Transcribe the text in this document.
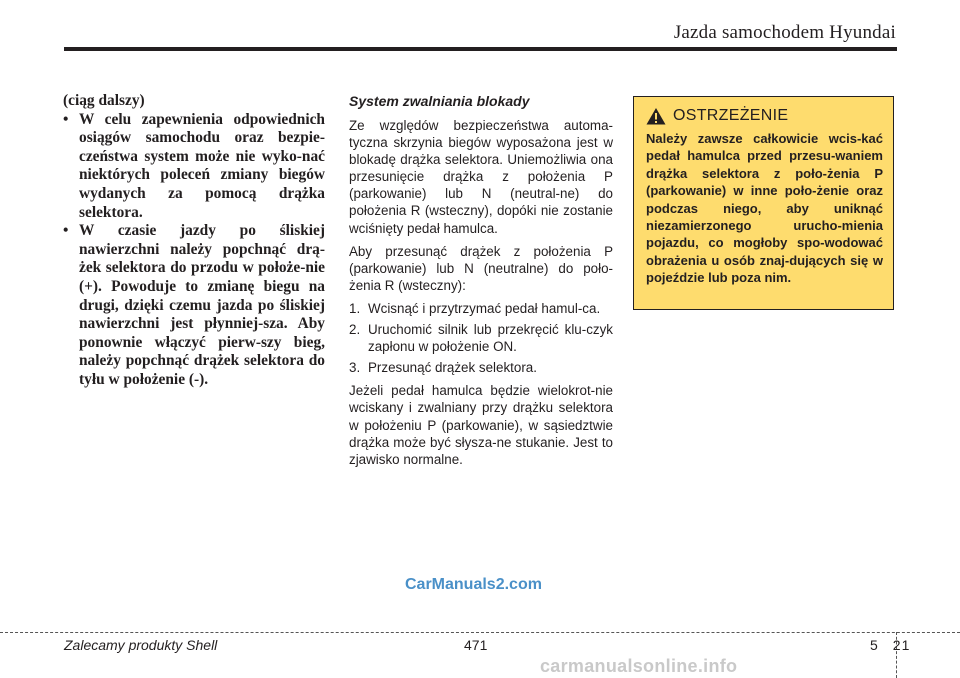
Jazda samochodem Hyundai

(ciąg dalszy)

• W celu zapewnienia odpowiednich osiągów samochodu oraz bezpie-czeństwa system może nie wyko-nać niektórych poleceń zmiany biegów wydanych za pomocą drążka selektora.
• W czasie jazdy po śliskiej nawierzchni należy popchnąć drą-żek selektora do przodu w położe-nie (+). Powoduje to zmianę biegu na drugi, dzięki czemu jazda po śliskiej nawierzchni jest płynniej-sza. Aby ponownie włączyć pierw-szy bieg, należy popchnąć drążek selektora do tyłu w położenie (-).
System zwalniania blokady

Ze względów bezpieczeństwa automa-tyczna skrzynia biegów wyposażona jest w blokadę drążka selektora. Uniemożliwia ona przesunięcie drążka z położenia P (parkowanie) lub N (neutral-ne) do położenia R (wsteczny), dopóki nie zostanie wciśnięty pedał hamulca.

Aby przesunąć drążek z położenia P (parkowanie) lub N (neutralne) do poło-żenia R (wsteczny):

1. Wcisnąć i przytrzymać pedał hamul-ca.
2. Uruchomić silnik lub przekręcić klu-czyk zapłonu w położenie ON.
3. Przesunąć drążek selektora.

Jeżeli pedał hamulca będzie wielokrot-nie wciskany i zwalniany przy drążku selektora w położeniu P (parkowanie), w sąsiedztwie drążka może być słysza-ne stukanie. Jest to zjawisko normalne.

OSTRZEŻENIE

Należy zawsze całkowicie wcis-kać pedał hamulca przed przesu-waniem drążka selektora z poło-żenia P (parkowanie) w inne poło-żenie oraz podczas niego, aby uniknąć niezamierzonego urucho-mienia pojazdu, co mogłoby spo-wodować obrażenia u osób znaj-dujących się w pojeździe lub poza nim.

CarManuals2.com
Zalecamy produkty Shell	471	5 21
carmanualsonline.info
